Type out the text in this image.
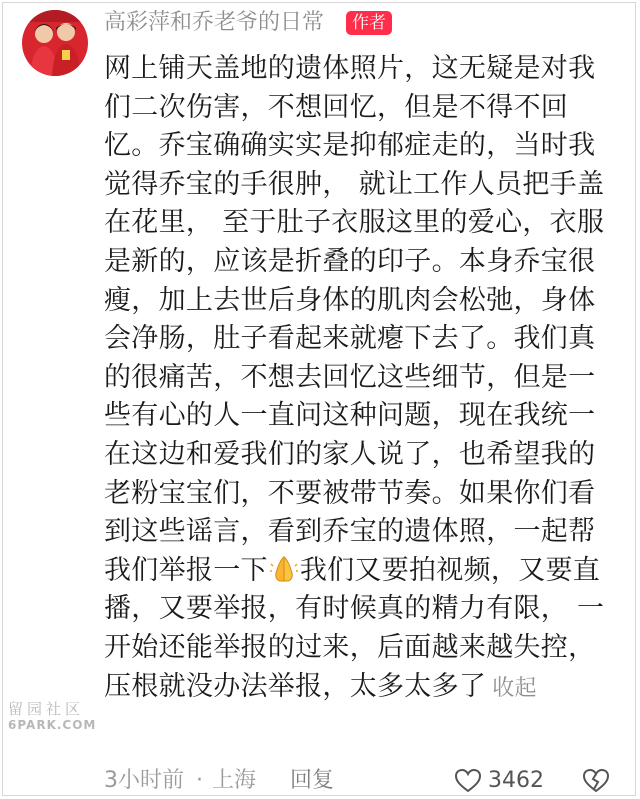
高彩萍和乔老爷的日常	作者
网上铺天盖地的遗体照片，这无疑是对我
们二次伤害，不想回忆，但是不得不回
忆。乔宝确确实实是抑郁症走的，当时我
觉得乔宝的手很肿， 就让工作人员把手盖
在花里， 至于肚子衣服这里的爱心，衣服
是新的，应该是折叠的印子。本身乔宝很
瘦，加上去世后身体的肌肉会松弛，身体
会净肠，肚子看起来就瘪下去了。我们真
的很痛苦，不想去回忆这些细节，但是一
些有心的人一直问这种问题，现在我统一
在这边和爱我们的家人说了，也希望我的
老粉宝宝们，不要被带节奏。如果你们看
到这些谣言，看到乔宝的遗体照，一起帮
我们举报一下 我们又要拍视频，又要直
播，又要举报，有时候真的精力有限， 一
开始还能举报的过来，后面越来越失控，
压根就没办法举报，太多太多了 收起
3小时前 · 上海 回复	3462
留园社区
6PARK.COM
